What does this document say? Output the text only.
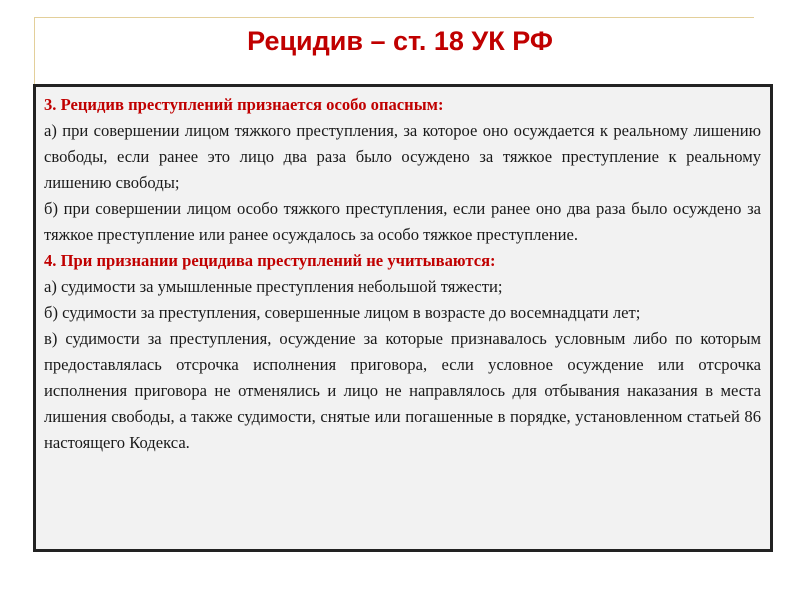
Рецидив – ст. 18 УК РФ

3. Рецидив преступлений признается особо опасным:

а) при совершении лицом тяжкого преступления, за которое оно осуждается к реальному лишению свободы, если ранее это лицо два раза было осуждено за тяжкое преступление к реальному лишению свободы;

б) при совершении лицом особо тяжкого преступления, если ранее оно два раза было осуждено за тяжкое преступление или ранее осуждалось за особо тяжкое преступление.

4. При признании рецидива преступлений не учитываются:

а) судимости за умышленные преступления небольшой тяжести;

б) судимости за преступления, совершенные лицом в возрасте до восемнадцати лет;

в) судимости за преступления, осуждение за которые признавалось условным либо по которым предоставлялась отсрочка исполнения приговора, если условное осуждение или отсрочка исполнения приговора не отменялись и лицо не направлялось для отбывания наказания в места лишения свободы, а также судимости, снятые или погашенные в порядке, установленном статьей 86 настоящего Кодекса.
